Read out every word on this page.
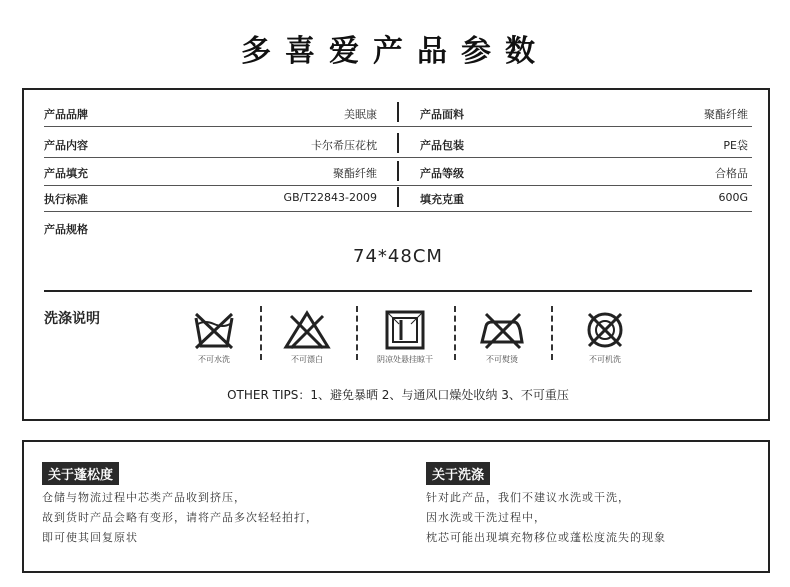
多喜爱产品参数
产品品牌	美眠康	产品面料	聚酯纤维
产品内容	卡尔希压花枕	产品包装	PE袋
产品填充	聚酯纤维	产品等级	合格品
执行标准	GB/T22843-2009	填充克重	600G
产品规格
74*48CM
洗涤说明
不可水洗	不可漂白	阴凉处悬挂晾干	不可熨烫	不可机洗
OTHER TIPS：1、避免暴晒 2、与通风口燥处收纳 3、不可重压
关于蓬松度
仓储与物流过程中芯类产品收到挤压，
故到货时产品会略有变形，请将产品多次轻轻拍打，
即可使其回复原状
关于洗涤
针对此产品，我们不建议水洗或干洗，
因水洗或干洗过程中，
枕芯可能出现填充物移位或蓬松度流失的现象
